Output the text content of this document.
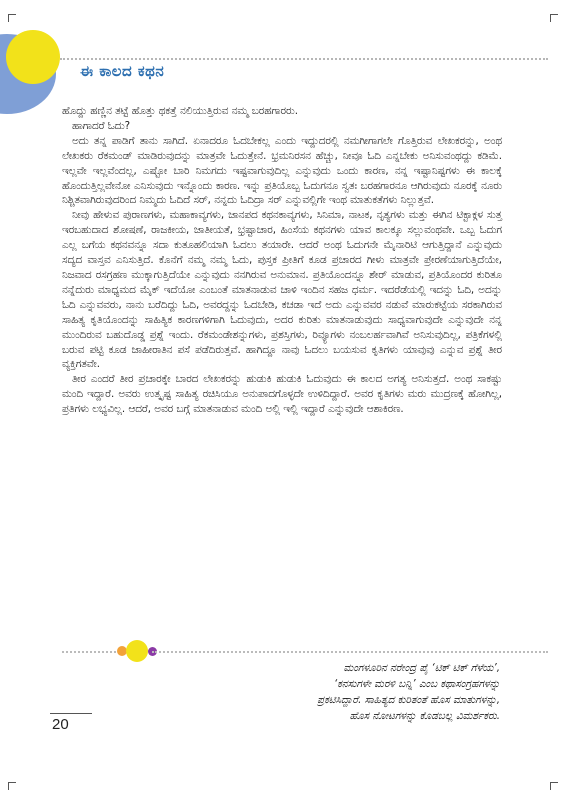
ಈ ಕಾಲದ ಕಥನ

ಹೊದ್ದು ಹಣ್ಣಿನ ತಟ್ಟೆ ಹೊತ್ತು ಥಕತ್ತೆ ನಲಿಯುತ್ತಿರುವ ನಮ್ಮ ಬರಹಗಾರರು.

ಹಾಗಾದರೆ ಓದು?

ಅದು ತನ್ನ ಪಾಡಿಗೆ ತಾನು ಸಾಗಿದೆ. ಏನಾದರೂ ಓದಬೇಕಲ್ಲ ಎಂದು ಇದ್ದುದರಲ್ಲಿ ನಮಗೀಗಾಗಲೇ ಗೊತ್ತಿರುವ ಲೇಖಕರನ್ನು, ಅಂಥ ಲೇಖಕರು ರೆಕಮಂಡ್ ಮಾಡಿರುವುದನ್ನು ಮಾತ್ರವೇ ಓದುತ್ತೇನೆ. ಭ್ರಮನಿರಸನ ಹೆಚ್ಚು, ನೀವೂ ಓದಿ ಎನ್ನಬೇಕು ಅನಿಸುವಂಥದ್ದು ಕಡಿಮೆ. ಇಲ್ಲವೇ ಇಲ್ಲವೆಂದಲ್ಲ, ಎಷ್ಟೋ ಬಾರಿ ನಿಮಗದು ಇಷ್ಟವಾಗುವುದಿಲ್ಲ ಎನ್ನುವುದು ಒಂದು ಕಾರಣ, ನನ್ನ ಇಷ್ಟಾನಿಷ್ಟಗಳು ಈ ಕಾಲಕ್ಕೆ ಹೊಂದುತ್ತಿಲ್ಲವೇನೋ ಎನಿಸುವುದು ಇನ್ನೊಂದು ಕಾರಣ. ಇನ್ನು ಪ್ರತಿಯೊಬ್ಬ ಓದುಗನೂ ಸ್ವತಃ ಬರಹಗಾರನೂ ಆಗಿರುವುದು ನೂರಕ್ಕೆ ನೂರು ನಿಶ್ಚಿತವಾಗಿರುವುದರಿಂದ ನಿಮ್ಮದು ಓದಿದೆ ಸರ್, ನನ್ನದು ಓದಿದ್ರಾ ಸರ್ ಎನ್ನುವಲ್ಲಿಗೇ ಇಂಥ ಮಾತುಕತೆಗಳು ನಿಲ್ಲುತ್ತವೆ.

ನೀವು ಹೇಳುವ ಪುರಾಣಗಳು, ಮಹಾಕಾವ್ಯಗಳು, ಜಾನಪದ ಕಥನಕಾವ್ಯಗಳು, ಸಿನಿಮಾ, ನಾಟಕ, ನೃತ್ಯಗಳು ಮತ್ತು ಈಗಿನ ಟಿಕ್ಟಾಕ್ಗಳ ಸುತ್ತ ಇರಬಹುದಾದ ಶೋಷಣೆ, ರಾಜಕೀಯ, ಜಾತೀಯತೆ, ಭ್ರಷ್ಟಾಚಾರ, ಹಿಂಸೆಯ ಕಥನಗಳು ಯಾವ ಕಾಲಕ್ಕೂ ಸಲ್ಲುವಂಥವೇ. ಒಬ್ಬ ಓದುಗ ಎಲ್ಲ ಬಗೆಯ ಕಥನವನ್ನೂ ಸದಾ ಕುತೂಹಲಿಯಾಗಿ ಓದಲು ತಯಾರೇ. ಆದರೆ ಅಂಥ ಓದುಗನೇ ಮೈನಾರಿಟಿ ಆಗುತ್ತಿದ್ದಾನೆ ಎನ್ನುವುದು ಸದ್ಯದ ವಾಸ್ತವ ಎನಿಸುತ್ತಿದೆ. ಕೊನೆಗೆ ನಮ್ಮ ನಮ್ಮ ಓದು, ಪುಸ್ತಕ ಪ್ರೀತಿಗೆ ಕೂಡ ಪ್ರಚಾರದ ಗೀಳು ಮಾತ್ರವೇ ಪ್ರೇರಣೆಯಾಗುತ್ತಿದೆಯೇ, ನಿಜವಾದ ರಸಗ್ರಹಣ ಮುಕ್ಕಾಗುತ್ತಿದೆಯೇ ಎನ್ನುವುದು ನನಗಿರುವ ಅನುಮಾನ. ಪ್ರತಿಯೊಂದನ್ನೂ ಶೇರ್ ಮಾಡುವ, ಪ್ರತಿಯೊಂದರ ಕುರಿತೂ ನನ್ನೆದುರು ಮಾಧ್ಯಮದ ಮೈಕ್ ಇದೆಯೋ ಎಂಬಂತೆ ಮಾತನಾಡುವ ಚಾಳಿ ಇಂದಿನ ಸಹಜ ಧರ್ಮ. ಇದರೆಡೆಯಲ್ಲಿ ಇದನ್ನು ಓದಿ, ಅದನ್ನು ಓದಿ ಎನ್ನುವವರು, ನಾನು ಬರೆದಿದ್ದು ಓದಿ, ಅವರದ್ದನ್ನು ಓದಬೇಡಿ, ಕಚಡಾ ಇದೆ ಅದು ಎನ್ನುವವರ ನಡುವೆ ಮಾರುಕಟ್ಟೆಯ ಸರಕಾಗಿರುವ ಸಾಹಿತ್ಯ ಕೃತಿಯೊಂದನ್ನು ಸಾಹಿತ್ಯಿಕ ಕಾರಣಗಳಿಗಾಗಿ ಓದುವುದು, ಅದರ ಕುರಿತು ಮಾತನಾಡುವುದು ಸಾಧ್ಯವಾಗುವುದೇ ಎನ್ನುವುದೇ ನನ್ನ ಮುಂದಿರುವ ಬಹುದೊಡ್ಡ ಪ್ರಶ್ನೆ ಇಂದು. ರೆಕಮಂಡೇಶನ್ನುಗಳು, ಪ್ರಶಸ್ತಿಗಳು, ರಿವ್ಯೂಗಳು ನಂಬಲರ್ಹವಾಗಿವೆ ಅನಿಸುವುದಿಲ್ಲ, ಪತ್ರಿಕೆಗಳಲ್ಲಿ ಬರುವ ಪಟ್ಟಿ ಕೂಡ ಜಾಹೀರಾತಿನ ಪಸೆ ಪಡೆದಿರುತ್ತವೆ. ಹಾಗಿದ್ದೂ ನಾವು ಓದಲು ಬಯಸುವ ಕೃತಿಗಳು ಯಾವುವು ಎನ್ನುವ ಪ್ರಶ್ನೆ ತೀರ ವ್ಯಕ್ತಿಗತವೇ.

ತೀರ ಎಂದರೆ ತೀರ ಪ್ರಚಾರಕ್ಕೇ ಬಾರದ ಲೇಖಕರನ್ನು ಹುಡುಕಿ ಹುಡುಕಿ ಓದುವುದು ಈ ಕಾಲದ ಅಗತ್ಯ ಅನಿಸುತ್ತದೆ. ಅಂಥ ಸಾಕಷ್ಟು ಮಂದಿ ಇದ್ದಾರೆ. ಅವರು ಉತ್ಕೃಷ್ಟ ಸಾಹಿತ್ಯ ರಚಿಸಿಯೂ ಅನುಪಾದಗೊಳ್ಳದೇ ಉಳಿದಿದ್ದಾರೆ. ಅವರ ಕೃತಿಗಳು ಮರು ಮುದ್ರಣಕ್ಕೆ ಹೋಗಿಲ್ಲ, ಪ್ರತಿಗಳು ಲಭ್ಯವಿಲ್ಲ. ಆದರೆ, ಅವರ ಬಗ್ಗೆ ಮಾತನಾಡುವ ಮಂದಿ ಅಲ್ಲಿ ಇಲ್ಲಿ ಇದ್ದಾರೆ ಎನ್ನುವುದೇ ಆಶಾಕಿರಣ.

ಮಂಗಳೂರಿನ ನರೇಂದ್ರ ಪೈ ‘ಟಿಕ್ ಟಿಕ್ ಗೆಳೆಯ’,
‘ಕನಸುಗಳೇ ಮರಳಿ ಬನ್ನಿ’ ಎಂಬ ಕಥಾಸಂಗ್ರಹಗಳನ್ನು
ಪ್ರಕಟಿಸಿದ್ದಾರೆ. ಸಾಹಿತ್ಯದ ಕುರಿತಂತೆ ಹೊಸ ಮಾತುಗಳನ್ನು,
ಹೊಸ ನೋಟಗಳನ್ನು ಕೊಡಬಲ್ಲ ವಿಮರ್ಶಕರು.
20
